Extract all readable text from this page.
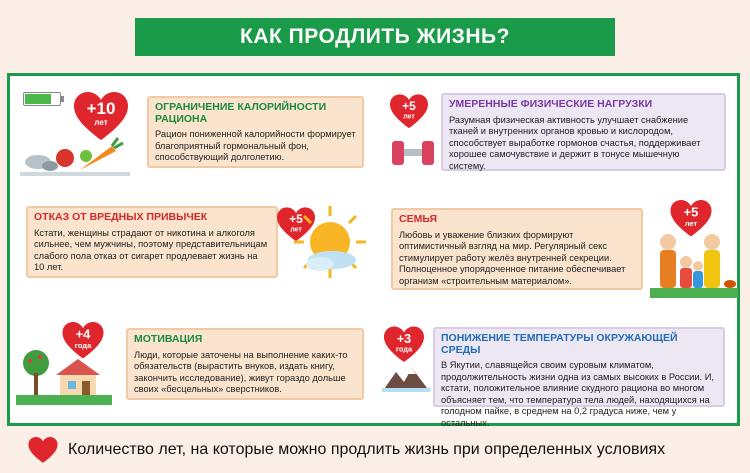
КАК ПРОДЛИТЬ ЖИЗНЬ?
+10
лет
ОГРАНИЧЕНИЕ КАЛОРИЙНОСТИ РАЦИОНА
Рацион пониженной калорийности формирует благоприятный гормональный фон, способствующий долголетию.
+5
лет
УМЕРЕННЫЕ ФИЗИЧЕСКИЕ НАГРУЗКИ
Разумная физическая активность улучшает снабжение тканей и внутренних органов кровью и кислородом, способствует выработке гормонов счастья, поддерживает хорошее самочувствие и держит в тонусе мышечную систему.
ОТКАЗ ОТ ВРЕДНЫХ ПРИВЫЧЕК
Кстати, женщины страдают от никотина и алкоголя сильнее, чем мужчины, поэтому представительницам слабого пола отказ от сигарет продлевает жизнь на 10 лет.
+5
лет
СЕМЬЯ
Любовь и уважение близких формируют оптимистичный взгляд на мир. Регулярный секс стимулирует работу желёз внутренней секреции. Полноценное упорядоченное питание обеспечивает организм «строительным материалом».
+5
лет
+4
года
МОТИВАЦИЯ
Люди, которые заточены на выполнение каких-то обязательств (вырастить внуков, издать книгу, закончить исследование), живут гораздо дольше своих «бесцельных» сверстников.
+3
года
ПОНИЖЕНИЕ ТЕМПЕРАТУРЫ ОКРУЖАЮЩЕЙ СРЕДЫ
В Якутии, славящейся своим суровым климатом, продолжительность жизни одна из самых высоких в России. И, кстати, положительное влияние скудного рациона во многом объясняет тем, что температура тела людей, находящихся на голодном пайке, в среднем на 0,2 градуса ниже, чем у остальных.
Количество лет, на которые можно продлить жизнь при определенных условиях
